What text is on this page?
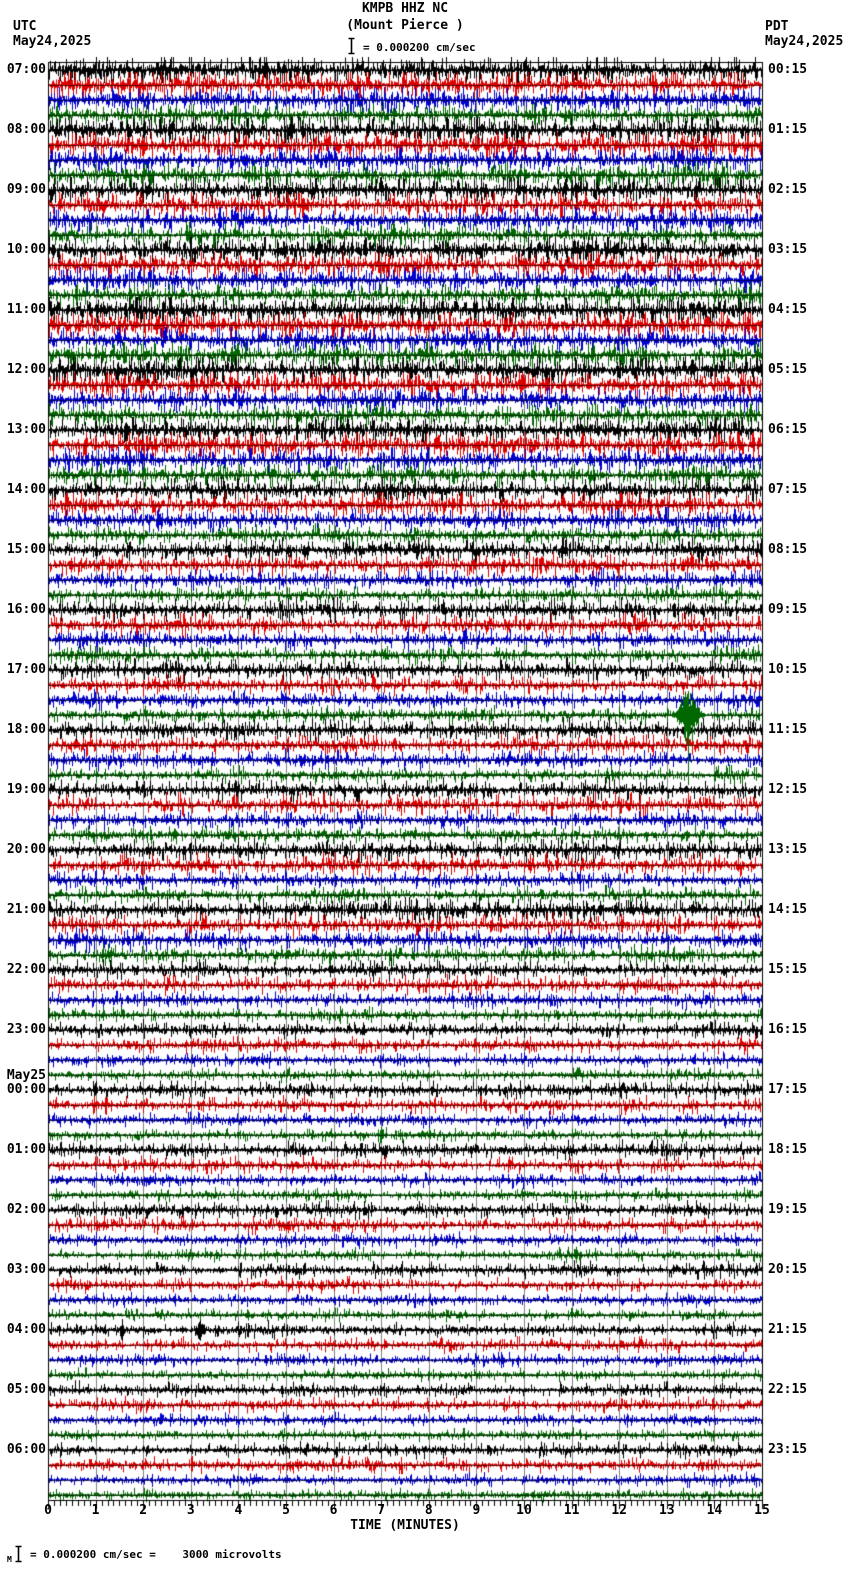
KMPB HHZ NC
(Mount Pierce )
= 0.000200 cm/sec
UTC
May24,2025
PDT
May24,2025
07:00
08:00
09:00
10:00
11:00
12:00
13:00
14:00
15:00
16:00
17:00
18:00
19:00
20:00
21:00
22:00
23:00
May25
00:00
01:00
02:00
03:00
04:00
05:00
06:00
00:15
01:15
02:15
03:15
04:15
05:15
06:15
07:15
08:15
09:15
10:15
11:15
12:15
13:15
14:15
15:15
16:15
17:15
18:15
19:15
20:15
21:15
22:15
23:15
0	1	2	3	4	5	6	7	8	9	10	11	12	13	14	15
TIME (MINUTES)
M = 0.000200 cm/sec =    3000 microvolts
